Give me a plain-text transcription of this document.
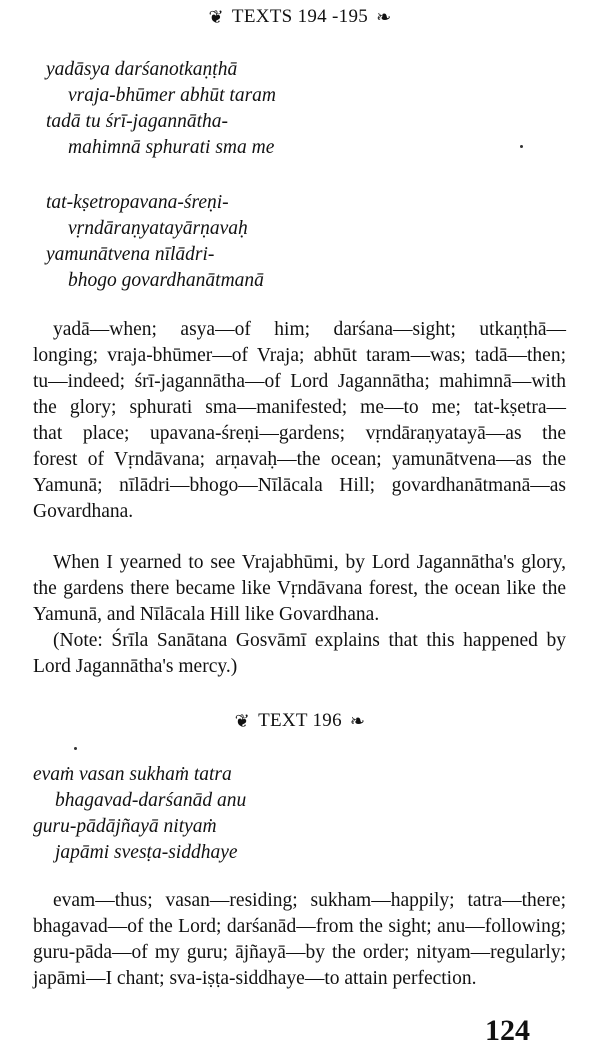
❦ TEXTS 194 -195 ❧
yadāsya darśanotkaṇṭhā
vraja-bhūmer abhūt taram
tadā tu śrī-jagannātha-
mahimnā sphurati sma me
tat-kṣetropavana-śreṇi-
vṛndāraṇyatayārṇavaḥ
yamunātvena nīlādri-
bhogo govardhanātmanā
yadā—when; asya—of him; darśana—sight; utkaṇṭhā—
longing; vraja-bhūmer—of Vraja; abhūt taram—was; tadā—then;
tu—indeed; śrī-jagannātha—of Lord Jagannātha; mahimnā—with
the glory; sphurati sma—manifested; me—to me; tat-kṣetra—
that place; upavana-śreṇi—gardens; vṛndāraṇyatayā—as the
forest of Vṛndāvana; arṇavaḥ—the ocean; yamunātvena—as the
Yamunā; nīlādri—bhogo—Nīlācala Hill; govardhanātmanā—as
Govardhana.
When I yearned to see Vrajabhūmi, by Lord Jagannātha's glory,
the gardens there became like Vṛndāvana forest, the ocean like the
Yamunā, and Nīlācala Hill like Govardhana.
(Note: Śrīla Sanātana Gosvāmī explains that this happened by
Lord Jagannātha's mercy.)
❦ TEXT 196 ❧
evaṁ vasan sukhaṁ tatra
bhagavad-darśanād anu
guru-pādājñayā nityaṁ
japāmi svesṭa-siddhaye
evam—thus; vasan—residing; sukham—happily; tatra—there;
bhagavad—of the Lord; darśanād—from the sight; anu—following;
guru-pāda—of my guru; ājñayā—by the order; nityam—regularly;
japāmi—I chant; sva-iṣṭa-siddhaye—to attain perfection.
124
